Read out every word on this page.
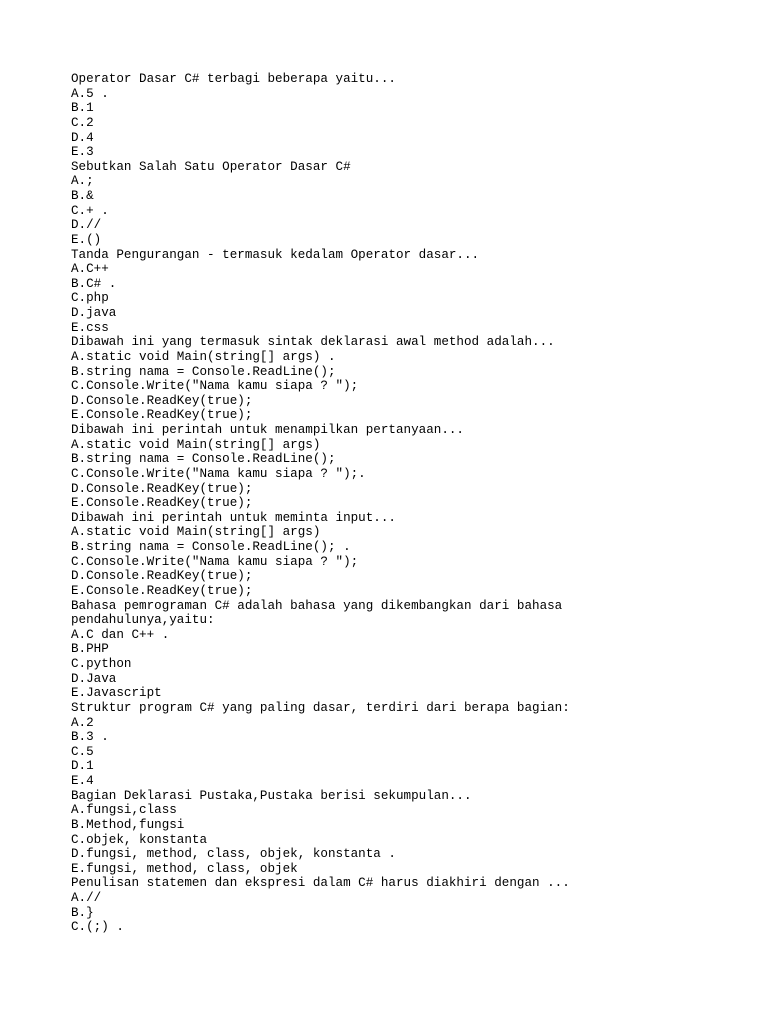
Operator Dasar C# terbagi beberapa yaitu...
A.5 .
B.1
C.2
D.4
E.3
Sebutkan Salah Satu Operator Dasar C#
A.;
B.&
C.+ .
D.//
E.()
Tanda Pengurangan - termasuk kedalam Operator dasar...
A.C++
B.C# .
C.php
D.java
E.css
Dibawah ini yang termasuk sintak deklarasi awal method adalah...
A.static void Main(string[] args) .
B.string nama = Console.ReadLine();
C.Console.Write("Nama kamu siapa ? ");
D.Console.ReadKey(true);
E.Console.ReadKey(true);
Dibawah ini perintah untuk menampilkan pertanyaan...
A.static void Main(string[] args)
B.string nama = Console.ReadLine();
C.Console.Write("Nama kamu siapa ? ");.
D.Console.ReadKey(true);
E.Console.ReadKey(true);
Dibawah ini perintah untuk meminta input...
A.static void Main(string[] args)
B.string nama = Console.ReadLine(); .
C.Console.Write("Nama kamu siapa ? ");
D.Console.ReadKey(true);
E.Console.ReadKey(true);
Bahasa pemrograman C# adalah bahasa yang dikembangkan dari bahasa
pendahulunya,yaitu:
A.C dan C++ .
B.PHP
C.python
D.Java
E.Javascript
Struktur program C# yang paling dasar, terdiri dari berapa bagian:
A.2
B.3 .
C.5
D.1
E.4
Bagian Deklarasi Pustaka,Pustaka berisi sekumpulan...
A.fungsi,class
B.Method,fungsi
C.objek, konstanta
D.fungsi, method, class, objek, konstanta .
E.fungsi, method, class, objek
Penulisan statemen dan ekspresi dalam C# harus diakhiri dengan ...
A.//
B.}
C.(;) .
